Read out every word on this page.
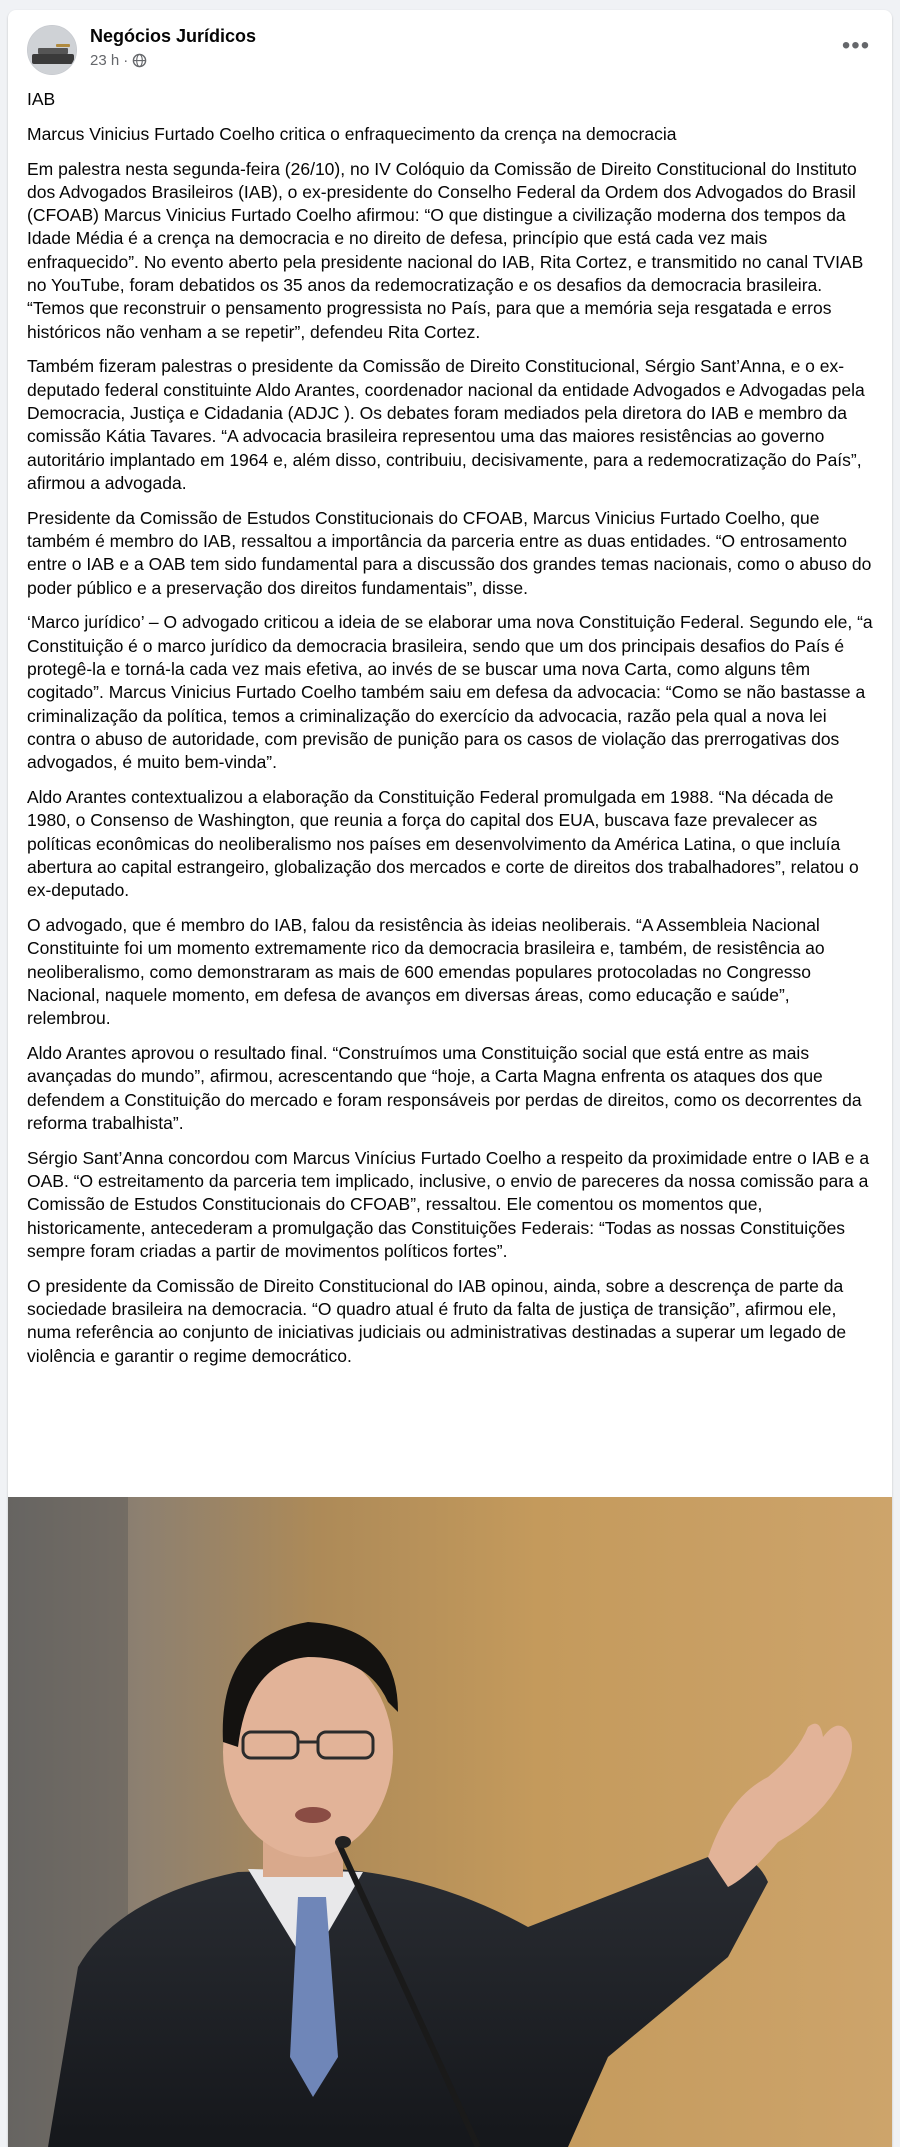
Negócios Jurídicos
23 h ·
•••

IAB

Marcus Vinicius Furtado Coelho critica o enfraquecimento da crença na democracia

Em palestra nesta segunda-feira (26/10), no IV Colóquio da Comissão de Direito Constitucional do Instituto dos Advogados Brasileiros (IAB), o ex-presidente do Conselho Federal da Ordem dos Advogados do Brasil (CFOAB) Marcus Vinicius Furtado Coelho afirmou: “O que distingue a civilização moderna dos tempos da Idade Média é a crença na democracia e no direito de defesa, princípio que está cada vez mais enfraquecido”. No evento aberto pela presidente nacional do IAB, Rita Cortez, e transmitido no canal TVIAB no YouTube, foram debatidos os 35 anos da redemocratização e os desafios da democracia brasileira. “Temos que reconstruir o pensamento progressista no País, para que a memória seja resgatada e erros históricos não venham a se repetir”, defendeu Rita Cortez.

Também fizeram palestras o presidente da Comissão de Direito Constitucional, Sérgio Sant’Anna, e o ex-deputado federal constituinte Aldo Arantes, coordenador nacional da entidade Advogados e Advogadas pela Democracia, Justiça e Cidadania (ADJC ). Os debates foram mediados pela diretora do IAB e membro da comissão Kátia Tavares. “A advocacia brasileira representou uma das maiores resistências ao governo autoritário implantado em 1964 e, além disso, contribuiu, decisivamente, para a redemocratização do País”, afirmou a advogada.

Presidente da Comissão de Estudos Constitucionais do CFOAB, Marcus Vinicius Furtado Coelho, que também é membro do IAB, ressaltou a importância da parceria entre as duas entidades. “O entrosamento entre o IAB e a OAB tem sido fundamental para a discussão dos grandes temas nacionais, como o abuso do poder público e a preservação dos direitos fundamentais”, disse.

‘Marco jurídico’ – O advogado criticou a ideia de se elaborar uma nova Constituição Federal. Segundo ele, “a Constituição é o marco jurídico da democracia brasileira, sendo que um dos principais desafios do País é protegê-la e torná-la cada vez mais efetiva, ao invés de se buscar uma nova Carta, como alguns têm cogitado”. Marcus Vinicius Furtado Coelho também saiu em defesa da advocacia: “Como se não bastasse a criminalização da política, temos a criminalização do exercício da advocacia, razão pela qual a nova lei contra o abuso de autoridade, com previsão de punição para os casos de violação das prerrogativas dos advogados, é muito bem-vinda”.

Aldo Arantes contextualizou a elaboração da Constituição Federal promulgada em 1988. “Na década de 1980, o Consenso de Washington, que reunia a força do capital dos EUA, buscava faze prevalecer as políticas econômicas do neoliberalismo nos países em desenvolvimento da América Latina, o que incluía abertura ao capital estrangeiro, globalização dos mercados e corte de direitos dos trabalhadores”, relatou o ex-deputado.

O advogado, que é membro do IAB, falou da resistência às ideias neoliberais. “A Assembleia Nacional Constituinte foi um momento extremamente rico da democracia brasileira e, também, de resistência ao neoliberalismo, como demonstraram as mais de 600 emendas populares protocoladas no Congresso Nacional, naquele momento, em defesa de avanços em diversas áreas, como educação e saúde”, relembrou.

Aldo Arantes aprovou o resultado final. “Construímos uma Constituição social que está entre as mais avançadas do mundo”, afirmou, acrescentando que “hoje, a Carta Magna enfrenta os ataques dos que defendem a Constituição do mercado e foram responsáveis por perdas de direitos, como os decorrentes da reforma trabalhista”.

Sérgio Sant’Anna concordou com Marcus Vinícius Furtado Coelho a respeito da proximidade entre o IAB e a OAB. “O estreitamento da parceria tem implicado, inclusive, o envio de pareceres da nossa comissão para a Comissão de Estudos Constitucionais do CFOAB”, ressaltou. Ele comentou os momentos que, historicamente, antecederam a promulgação das Constituições Federais: “Todas as nossas Constituições sempre foram criadas a partir de movimentos políticos fortes”.

O presidente da Comissão de Direito Constitucional do IAB opinou, ainda, sobre a descrença de parte da sociedade brasileira na democracia. “O quadro atual é fruto da falta de justiça de transição”, afirmou ele, numa referência ao conjunto de iniciativas judiciais ou administrativas destinadas a superar um legado de violência e garantir o regime democrático.
